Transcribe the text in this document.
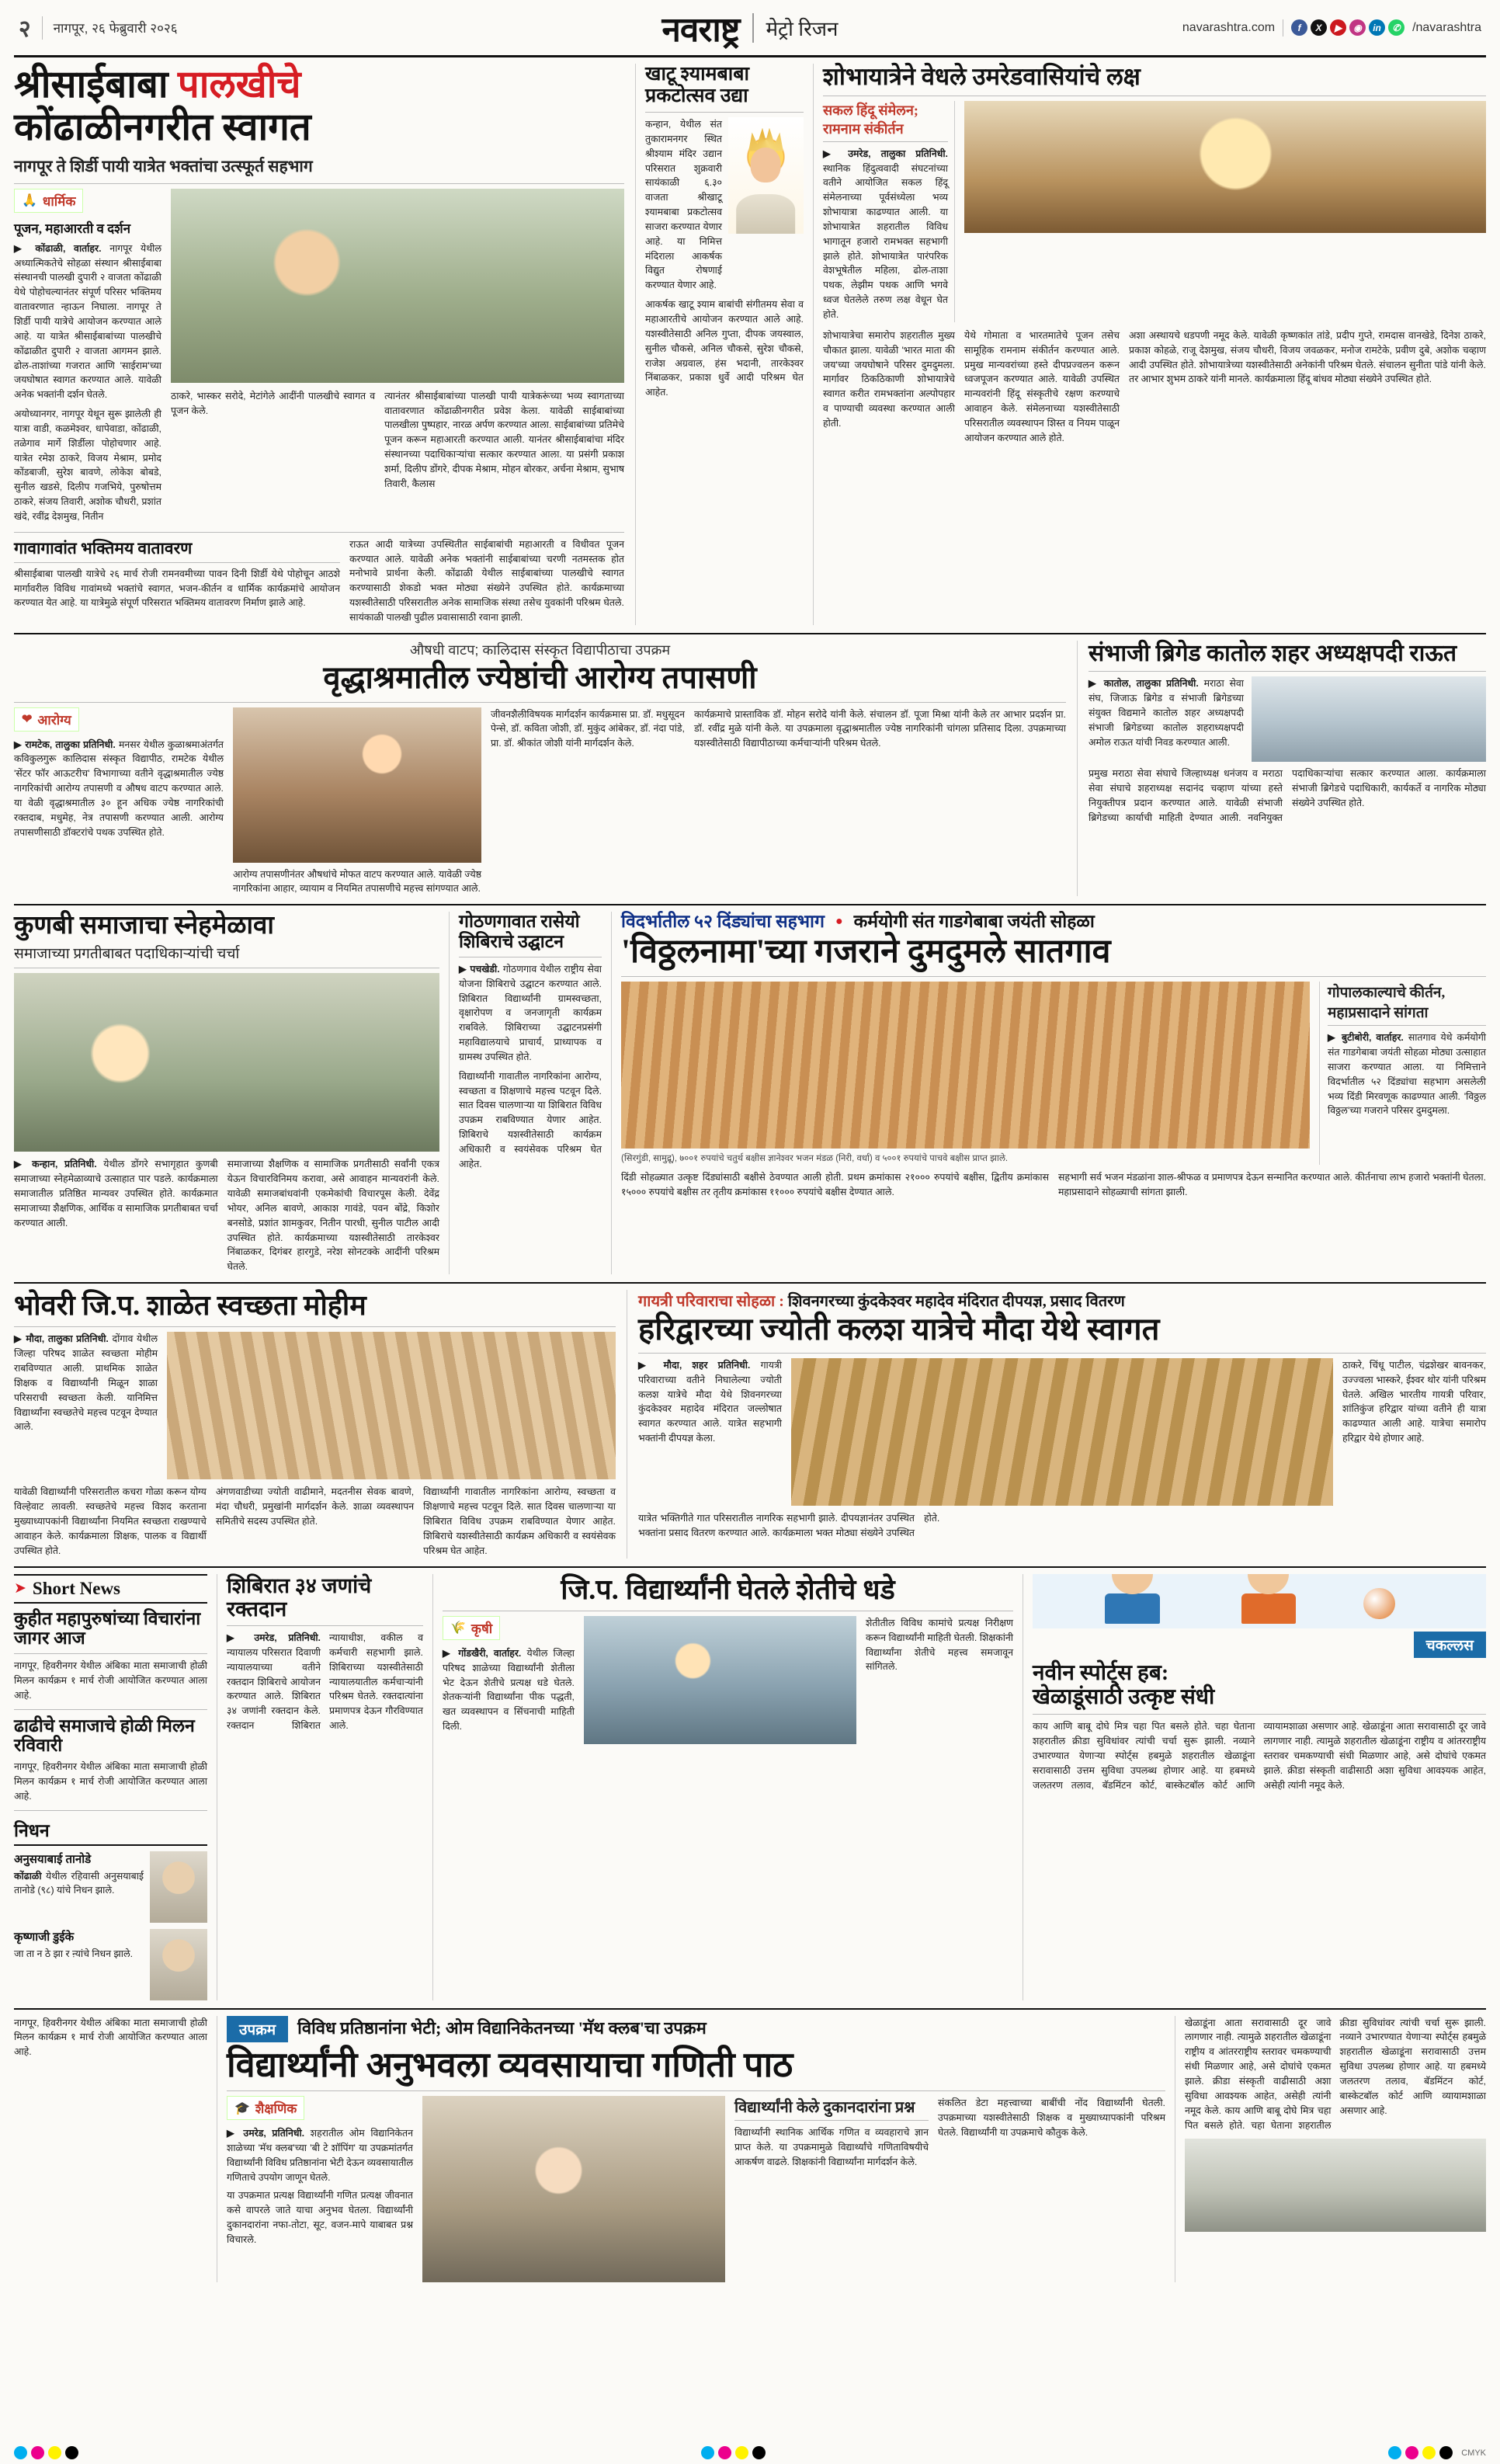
२ नागपूर, २६ फेब्रुवारी २०२६	नवराष्ट् मेट्रो रिजन	navarashtra.com	f	X	▶	◉	in	✆ /navarashtra
श्रीसाईबाबा पालखीचे
कोंढाळीनगरीत स्वागत
नागपूर ते शिर्डी पायी यात्रेत भक्तांचा उत्स्फूर्त सहभाग
🙏 धार्मिक
पूजन, महाआरती व दर्शन
▶ कोंढाळी, वार्ताहर. नागपूर येथील अध्यात्मिकतेचे सोहळा संस्थान श्रीसाईबाबा संस्थानची पालखी दुपारी २ वाजता कोंढाळी येथे पोहोचल्यानंतर संपूर्ण परिसर भक्तिमय वातावरणात न्हाऊन निघाला. नागपूर ते शिर्डी पायी यात्रेचे आयोजन करण्यात आले आहे. या यात्रेत श्रीसाईबाबांच्या पालखीचे कोंढाळीत दुपारी २ वाजता आगमन झाले. ढोल-ताशांच्या गजरात आणि 'साईराम'च्या जयघोषात स्वागत करण्यात आले. यावेळी अनेक भक्तांनी दर्शन घेतले.
अयोध्यानगर, नागपूर येथून सुरू झालेली ही यात्रा वाडी, कळमेश्वर, धापेवाडा, कोंढाळी, तळेगाव मार्गे शिर्डीला पोहोचणार आहे. यात्रेत रमेश ठाकरे, विजय मेश्राम, प्रमोद कोंडबाजी, सुरेश बावणे, लोकेश बोबडे, सुनील खडसे, दिलीप गजभिये, पुरुषोत्तम ठाकरे, संजय तिवारी, अशोक चौधरी, प्रशांत खंदे, रवींद्र देशमुख, नितीन
ठाकरे, भास्कर सरोदे, मेटांगेले आदींनी पालखीचे स्वागत व पूजन केले.
त्यानंतर श्रीसाईबाबांच्या पालखी पायी यात्रेकरूंच्या भव्य स्वागताच्या वातावरणात कोंढाळीनगरीत प्रवेश केला. यावेळी साईबाबांच्या पालखीला पुष्पहार, नारळ अर्पण करण्यात आला. साईबाबांच्या प्रतिमेचे पूजन करून महाआरती करण्यात आली. यानंतर श्रीसाईबाबांचा मंदिर संस्थानच्या पदाधिकाऱ्यांचा सत्कार करण्यात आला. या प्रसंगी प्रकाश शर्मा, दिलीप डोंगरे, दीपक मेश्राम, मोहन बोरकर, अर्चना मेश्राम, सुभाष तिवारी, कैलास
गावागावांत भक्तिमय वातावरण
श्रीसाईबाबा पालखी यात्रेचे २६ मार्च रोजी रामनवमीच्या पावन दिनी शिर्डी येथे पोहोचून आठशे मार्गावरील विविध गावांमध्ये भक्तांचे स्वागत, भजन-कीर्तन व धार्मिक कार्यक्रमांचे आयोजन करण्यात येत आहे. या यात्रेमुळे संपूर्ण परिसरात भक्तिमय वातावरण निर्माण झाले आहे.
राऊत आदी यात्रेच्या उपस्थितीत साईबाबांची महाआरती व विधीवत पूजन करण्यात आले. यावेळी अनेक भक्तांनी साईबाबांच्या चरणी नतमस्तक होत मनोभावे प्रार्थना केली. कोंढाळी येथील साईबाबांच्या पालखीचे स्वागत करण्यासाठी शेकडो भक्त मोठ्या संख्येने उपस्थित होते. कार्यक्रमाच्या यशस्वीतेसाठी परिसरातील अनेक सामाजिक संस्था तसेच युवकांनी परिश्रम घेतले. सायंकाळी पालखी पुढील प्रवासासाठी रवाना झाली.
खाटू श्यामबाबा प्रकटोत्सव उद्या
कन्हान, येथील संत तुकारामनगर स्थित श्रीश्याम मंदिर उद्यान परिसरात शुक्रवारी सायंकाळी ६.३० वाजता श्रीखाटू श्यामबाबा प्रकटोत्सव साजरा करण्यात येणार आहे. या निमित्त मंदिराला आकर्षक विद्युत रोषणाई करण्यात येणार आहे.
आकर्षक खाटू श्याम बाबांची संगीतमय सेवा व महाआरतीचे आयोजन करण्यात आले आहे. यशस्वीतेसाठी अनिल गुप्ता, दीपक जयस्वाल, सुनील चौकसे, अनिल चौकसे, सुरेश चौकसे, राजेश अग्रवाल, हंस भदानी, तारकेश्वर निंबाळकर, प्रकाश धुर्वे आदी परिश्रम घेत आहेत.
शोभायात्रेने वेधले उमरेडवासियांचे लक्ष
सकल हिंदू संमेलन;
रामनाम संकीर्तन
▶ उमरेड, तालुका प्रतिनिधी. स्थानिक हिंदुत्ववादी संघटनांच्या वतीने आयोजित सकल हिंदू संमेलनाच्या पूर्वसंध्येला भव्य शोभायात्रा काढण्यात आली. या शोभायात्रेत शहरातील विविध भागातून हजारो रामभक्त सहभागी झाले होते. शोभायात्रेत पारंपरिक वेशभूषेतील महिला, ढोल-ताशा पथक, लेझीम पथक आणि भगवे ध्वज घेतलेले तरुण लक्ष वेधून घेत होते.
शोभायात्रेचा समारोप शहरातील मुख्य चौकात झाला. यावेळी 'भारत माता की जय'च्या जयघोषाने परिसर दुमदुमला. मार्गावर ठिकठिकाणी शोभायात्रेचे स्वागत करीत रामभक्तांना अल्पोपहार व पाण्याची व्यवस्था करण्यात आली होती.
येथे गोमाता व भारतमातेचे पूजन तसेच सामूहिक रामनाम संकीर्तन करण्यात आले. प्रमुख मान्यवरांच्या हस्ते दीपप्रज्वलन करून ध्वजपूजन करण्यात आले. यावेळी उपस्थित मान्यवरांनी हिंदू संस्कृतीचे रक्षण करण्याचे आवाहन केले. संमेलनाच्या यशस्वीतेसाठी परिसरातील व्यवस्थापन शिस्त व नियम पाळून आयोजन करण्यात आले होते.
अशा अस्थायचे धडपणी नमूद केले. यावेळी कृष्णकांत तांडे, प्रदीप गुप्ते, रामदास वानखेडे, दिनेश ठाकरे, प्रकाश कोहळे, राजू देशमुख, संजय चौधरी, विजय जवळकर, मनोज रामटेके, प्रवीण दुबे, अशोक चव्हाण आदी उपस्थित होते. शोभायात्रेच्या यशस्वीतेसाठी अनेकांनी परिश्रम घेतले. संचालन सुनीता पांडे यांनी केले. तर आभार शुभम ठाकरे यांनी मानले. कार्यक्रमाला हिंदू बांधव मोठ्या संख्येने उपस्थित होते.
औषधी वाटप; कालिदास संस्कृत विद्यापीठाचा उपक्रम
वृद्धाश्रमातील ज्येष्ठांची आरोग्य तपासणी
❤ आरोग्य
▶ रामटेक, तालुका प्रतिनिधी. मनसर येथील कुळाश्रमाअंतर्गत कविकुलगुरू कालिदास संस्कृत विद्यापीठ, रामटेक येथील 'सेंटर फॉर आऊटरीच' विभागाच्या वतीने वृद्धाश्रमातील ज्येष्ठ नागरिकांची आरोग्य तपासणी व औषध वाटप करण्यात आले. या वेळी वृद्धाश्रमातील ३० हून अधिक ज्येष्ठ नागरिकांची रक्तदाब, मधुमेह, नेत्र तपासणी करण्यात आली. आरोग्य तपासणीसाठी डॉक्टरांचे पथक उपस्थित होते.
आरोग्य तपासणीनंतर औषधांचे मोफत वाटप करण्यात आले. यावेळी ज्येष्ठ नागरिकांना आहार, व्यायाम व नियमित तपासणीचे महत्त्व सांगण्यात आले.
जीवनशैलीविषयक मार्गदर्शन कार्यक्रमास प्रा. डॉ. मधुसूदन पेन्से, डॉ. कविता जोशी, डॉ. मुकुंद आंबेकर, डॉ. नंदा पांडे, प्रा. डॉ. श्रीकांत जोशी यांनी मार्गदर्शन केले.
कार्यक्रमाचे प्रास्ताविक डॉ. मोहन सरोदे यांनी केले. संचालन डॉ. पूजा मिश्रा यांनी केले तर आभार प्रदर्शन प्रा. डॉ. रवींद्र मुळे यांनी केले. या उपक्रमाला वृद्धाश्रमातील ज्येष्ठ नागरिकांनी चांगला प्रतिसाद दिला. उपक्रमाच्या यशस्वीतेसाठी विद्यापीठाच्या कर्मचाऱ्यांनी परिश्रम घेतले.
संभाजी ब्रिगेड कातोल शहर अध्यक्षपदी राऊत
▶ कातोल, तालुका प्रतिनिधी. मराठा सेवा संघ, जिजाऊ ब्रिगेड व संभाजी ब्रिगेडच्या संयुक्त विद्यमाने कातोल शहर अध्यक्षपदी संभाजी ब्रिगेडच्या कातोल शहराध्यक्षपदी अमोल राऊत यांची निवड करण्यात आली.
प्रमुख मराठा सेवा संघाचे जिल्हाध्यक्ष धनंजय व मराठा सेवा संघाचे शहराध्यक्ष सदानंद चव्हाण यांच्या हस्ते नियुक्तीपत्र प्रदान करण्यात आले. यावेळी संभाजी ब्रिगेडच्या कार्याची माहिती देण्यात आली. नवनियुक्त पदाधिकाऱ्यांचा सत्कार करण्यात आला. कार्यक्रमाला संभाजी ब्रिगेडचे पदाधिकारी, कार्यकर्ते व नागरिक मोठ्या संख्येने उपस्थित होते.
कुणबी समाजाचा स्नेहमेळावा
समाजाच्या प्रगतीबाबत पदाधिकाऱ्यांची चर्चा
▶ कन्हान, प्रतिनिधी. येथील डोंगरे सभागृहात कुणबी समाजाच्या स्नेहमेळाव्याचे उत्साहात पार पडले. कार्यक्रमाला समाजातील प्रतिष्ठित मान्यवर उपस्थित होते. कार्यक्रमात समाजाच्या शैक्षणिक, आर्थिक व सामाजिक प्रगतीबाबत चर्चा करण्यात आली.
समाजाच्या शैक्षणिक व सामाजिक प्रगतीसाठी सर्वांनी एकत्र येऊन विचारविनिमय करावा, असे आवाहन मान्यवरांनी केले. यावेळी समाजबांधवांनी एकमेकांची विचारपूस केली. देवेंद्र भोयर, अनिल बावणे, आकाश गावंडे, पवन बोंद्रे, किशोर बनसोडे, प्रशांत शामकुवर, नितीन पारधी, सुनील पाटील आदी उपस्थित होते. कार्यक्रमाच्या यशस्वीतेसाठी तारकेश्वर निंबाळकर, दिगंबर हारगुडे, नरेश सोनटक्के आदींनी परिश्रम घेतले.
गोठणगावात रासेयो शिबिराचे उद्घाटन
▶ पचखेडी. गोठणगाव येथील राष्ट्रीय सेवा योजना शिबिराचे उद्घाटन करण्यात आले. शिबिरात विद्यार्थ्यांनी ग्रामस्वच्छता, वृक्षारोपण व जनजागृती कार्यक्रम राबविले. शिबिराच्या उद्घाटनप्रसंगी महाविद्यालयाचे प्राचार्य, प्राध्यापक व ग्रामस्थ उपस्थित होते.
विद्यार्थ्यांनी गावातील नागरिकांना आरोग्य, स्वच्छता व शिक्षणाचे महत्त्व पटवून दिले. सात दिवस चालणाऱ्या या शिबिरात विविध उपक्रम राबविण्यात येणार आहेत. शिबिराचे यशस्वीतेसाठी कार्यक्रम अधिकारी व स्वयंसेवक परिश्रम घेत आहेत.
विदर्भातील ५२ दिंड्यांचा सहभाग ● कर्मयोगी संत गाडगेबाबा जयंती सोहळा
'विठ्ठलनामा'च्या गजराने दुमदुमले सातगाव
(सिरगुंडी, सामुद्रू), ७००१ रुपयांचे चतुर्थ बक्षीस ज्ञानेश्वर भजन मंडळ (निरी, वर्धा) व ५००१ रुपयांचे पाचवे बक्षीस प्राप्त झाले.
गोपालकाल्याचे कीर्तन, महाप्रसादाने सांगता
▶ बुटीबोरी, वार्ताहर. सातगाव येथे कर्मयोगी संत गाडगेबाबा जयंती सोहळा मोठ्या उत्साहात साजरा करण्यात आला. या निमित्ताने विदर्भातील ५२ दिंड्यांचा सहभाग असलेली भव्य दिंडी मिरवणूक काढण्यात आली. 'विठ्ठल विठ्ठल'च्या गजराने परिसर दुमदुमला.
दिंडी सोहळ्यात उत्कृष्ट दिंड्यांसाठी बक्षीसे ठेवण्यात आली होती. प्रथम क्रमांकास २१००० रुपयांचे बक्षीस, द्वितीय क्रमांकास १५००० रुपयांचे बक्षीस तर तृतीय क्रमांकास ११००० रुपयांचे बक्षीस देण्यात आले.
सहभागी सर्व भजन मंडळांना शाल-श्रीफळ व प्रमाणपत्र देऊन सन्मानित करण्यात आले. कीर्तनाचा लाभ हजारो भक्तांनी घेतला. महाप्रसादाने सोहळ्याची सांगता झाली.
भोवरी जि.प. शाळेत स्वच्छता मोहीम
▶ मौदा, तालुका प्रतिनिधी. दोंगाव येथील जिल्हा परिषद शाळेत स्वच्छता मोहीम राबविण्यात आली. प्राथमिक शाळेत शिक्षक व विद्यार्थ्यांनी मिळून शाळा परिसराची स्वच्छता केली. यानिमित्त विद्यार्थ्यांना स्वच्छतेचे महत्त्व पटवून देण्यात आले.
यावेळी विद्यार्थ्यांनी परिसरातील कचरा गोळा करून योग्य विल्हेवाट लावली. स्वच्छतेचे महत्त्व विशद करताना मुख्याध्यापकांनी विद्यार्थ्यांना नियमित स्वच्छता राखण्याचे आवाहन केले. कार्यक्रमाला शिक्षक, पालक व विद्यार्थी उपस्थित होते.
अंगणवाडीच्या ज्योती वाढीमाने, मदतनीस सेवक बावणे, मंदा चौधरी, प्रमुखांनी मार्गदर्शन केले. शाळा व्यवस्थापन समितीचे सदस्य उपस्थित होते.
विद्यार्थ्यांनी गावातील नागरिकांना आरोग्य, स्वच्छता व शिक्षणाचे महत्त्व पटवून दिले. सात दिवस चालणाऱ्या या शिबिरात विविध उपक्रम राबविण्यात येणार आहेत. शिबिराचे यशस्वीतेसाठी कार्यक्रम अधिकारी व स्वयंसेवक परिश्रम घेत आहेत.
गायत्री परिवाराचा सोहळा : शिवनगरच्या कुंदकेश्वर महादेव मंदिरात दीपयज्ञ, प्रसाद वितरण
हरिद्वारच्या ज्योती कलश यात्रेचे मौदा येथे स्वागत
▶ मौदा, शहर प्रतिनिधी. गायत्री परिवाराच्या वतीने निघालेल्या ज्योती कलश यात्रेचे मौदा येथे शिवनगरच्या कुंदकेश्वर महादेव मंदिरात जल्लोषात स्वागत करण्यात आले. यात्रेत सहभागी भक्तांनी दीपयज्ञ केला.
ठाकरे, चिंधू पाटील, चंद्रशेखर बावनकर, उज्ज्वला भास्करे, ईश्वर थोर यांनी परिश्रम घेतले. अखिल भारतीय गायत्री परिवार, शांतिकुंज हरिद्वार यांच्या वतीने ही यात्रा काढण्यात आली आहे. यात्रेचा समारोप हरिद्वार येथे होणार आहे.
यात्रेत भक्तिगीते गात परिसरातील नागरिक सहभागी झाले. दीपयज्ञानंतर उपस्थित भक्तांना प्रसाद वितरण करण्यात आले. कार्यक्रमाला भक्त मोठ्या संख्येने उपस्थित होते.
➤ Short News
कुहीत महापुरुषांच्या विचारांना जागर आज
नागपूर, हिवरीनगर येथील अंबिका माता समाजाची होळी मिलन कार्यक्रम १ मार्च रोजी आयोजित करण्यात आला आहे.
ढाढीचे समाजाचे होळी मिलन रविवारी
नागपूर, हिवरीनगर येथील अंबिका माता समाजाची होळी मिलन कार्यक्रम १ मार्च रोजी आयोजित करण्यात आला आहे.
निधन
अनुसयाबाई तानोडे
कोंढाळी येथील रहिवासी अनुसयाबाई तानोडे (९८) यांचे निधन झाले.
कृष्णाजी डुईके
जा ता न ठे झा र ऩ्यांचे निधन झाले.
शिबिरात ३४ जणांचे रक्तदान
▶ उमरेड, प्रतिनिधी. न्यायालय परिसरात दिवाणी न्यायालयाच्या वतीने रक्तदान शिबिराचे आयोजन करण्यात आले. शिबिरात ३४ जणांनी रक्तदान केले. रक्तदान शिबिरात न्यायाधीश, वकील व कर्मचारी सहभागी झाले. शिबिराच्या यशस्वीतेसाठी न्यायालयातील कर्मचाऱ्यांनी परिश्रम घेतले. रक्तदात्यांना प्रमाणपत्र देऊन गौरविण्यात आले.
जि.प. विद्यार्थ्यांनी घेतले शेतीचे धडे
🌾 कृषी
▶ गोंडखैरी, वार्ताहर. येथील जिल्हा परिषद शाळेच्या विद्यार्थ्यांनी शेतीला भेट देऊन शेतीचे प्रत्यक्ष धडे घेतले. शेतकऱ्यांनी विद्यार्थ्यांना पीक पद्धती, खत व्यवस्थापन व सिंचनाची माहिती दिली.
शेतीतील विविध कामांचे प्रत्यक्ष निरीक्षण करून विद्यार्थ्यांनी माहिती घेतली. शिक्षकांनी विद्यार्थ्यांना शेतीचे महत्त्व समजावून सांगितले.
चकल्लस
नवीन स्पोर्ट्स हब:
खेळाडूंसाठी उत्कृष्ट संधी
काय आणि बाबू दोघे मित्र चहा पित बसले होते. चहा घेताना शहरातील क्रीडा सुविधांवर त्यांची चर्चा सुरू झाली. नव्याने उभारण्यात येणाऱ्या स्पोर्ट्स हबमुळे शहरातील खेळाडूंना सरावासाठी उत्तम सुविधा उपलब्ध होणार आहे. या हबमध्ये जलतरण तलाव, बॅडमिंटन कोर्ट, बास्केटबॉल कोर्ट आणि व्यायामशाळा असणार आहे. खेळाडूंना आता सरावासाठी दूर जावे लागणार नाही. त्यामुळे शहरातील खेळाडूंना राष्ट्रीय व आंतरराष्ट्रीय स्तरावर चमकण्याची संधी मिळणार आहे, असे दोघांचे एकमत झाले. क्रीडा संस्कृती वाढीसाठी अशा सुविधा आवश्यक आहेत, असेही त्यांनी नमूद केले.
नागपूर, हिवरीनगर येथील अंबिका माता समाजाची होळी मिलन कार्यक्रम १ मार्च रोजी आयोजित करण्यात आला आहे.
उपक्रम	विविध प्रतिष्ठानांना भेटी; ओम विद्यानिकेतनच्या 'मॅथ क्लब'चा उपक्रम
विद्यार्थ्यांनी अनुभवला व्यवसायाचा गणिती पाठ
🎓 शैक्षणिक
▶ उमरेड, प्रतिनिधी. शहरातील ओम विद्यानिकेतन शाळेच्या 'मॅथ क्लब'च्या 'बी टे शॉपिंग' या उपक्रमांतर्गत विद्यार्थ्यांनी विविध प्रतिष्ठानांना भेटी देऊन व्यवसायातील गणिताचे उपयोग जाणून घेतले.
या उपक्रमात प्रत्यक्ष विद्यार्थ्यांनी गणित प्रत्यक्ष जीवनात कसे वापरले जाते याचा अनुभव घेतला. विद्यार्थ्यांनी दुकानदारांना नफा-तोटा, सूट, वजन-मापे याबाबत प्रश्न विचारले.
विद्यार्थ्यांनी केले दुकानदारांना प्रश्न
विद्यार्थ्यांनी स्थानिक आर्थिक गणित व व्यवहाराचे ज्ञान प्राप्त केले. या उपक्रमामुळे विद्यार्थ्यांचे गणिताविषयीचे आकर्षण वाढले. शिक्षकांनी विद्यार्थ्यांना मार्गदर्शन केले.
संकलित डेटा महत्त्वाच्या बाबींची नोंद विद्यार्थ्यांनी घेतली. उपक्रमाच्या यशस्वीतेसाठी शिक्षक व मुख्याध्यापकांनी परिश्रम घेतले. विद्यार्थ्यांनी या उपक्रमाचे कौतुक केले.
खेळाडूंना आता सरावासाठी दूर जावे लागणार नाही. त्यामुळे शहरातील खेळाडूंना राष्ट्रीय व आंतरराष्ट्रीय स्तरावर चमकण्याची संधी मिळणार आहे, असे दोघांचे एकमत झाले. क्रीडा संस्कृती वाढीसाठी अशा सुविधा आवश्यक आहेत, असेही त्यांनी नमूद केले. काय आणि बाबू दोघे मित्र चहा पित बसले होते. चहा घेताना शहरातील क्रीडा सुविधांवर त्यांची चर्चा सुरू झाली. नव्याने उभारण्यात येणाऱ्या स्पोर्ट्स हबमुळे शहरातील खेळाडूंना सरावासाठी उत्तम सुविधा उपलब्ध होणार आहे. या हबमध्ये जलतरण तलाव, बॅडमिंटन कोर्ट, बास्केटबॉल कोर्ट आणि व्यायामशाळा असणार आहे.
CMYK
